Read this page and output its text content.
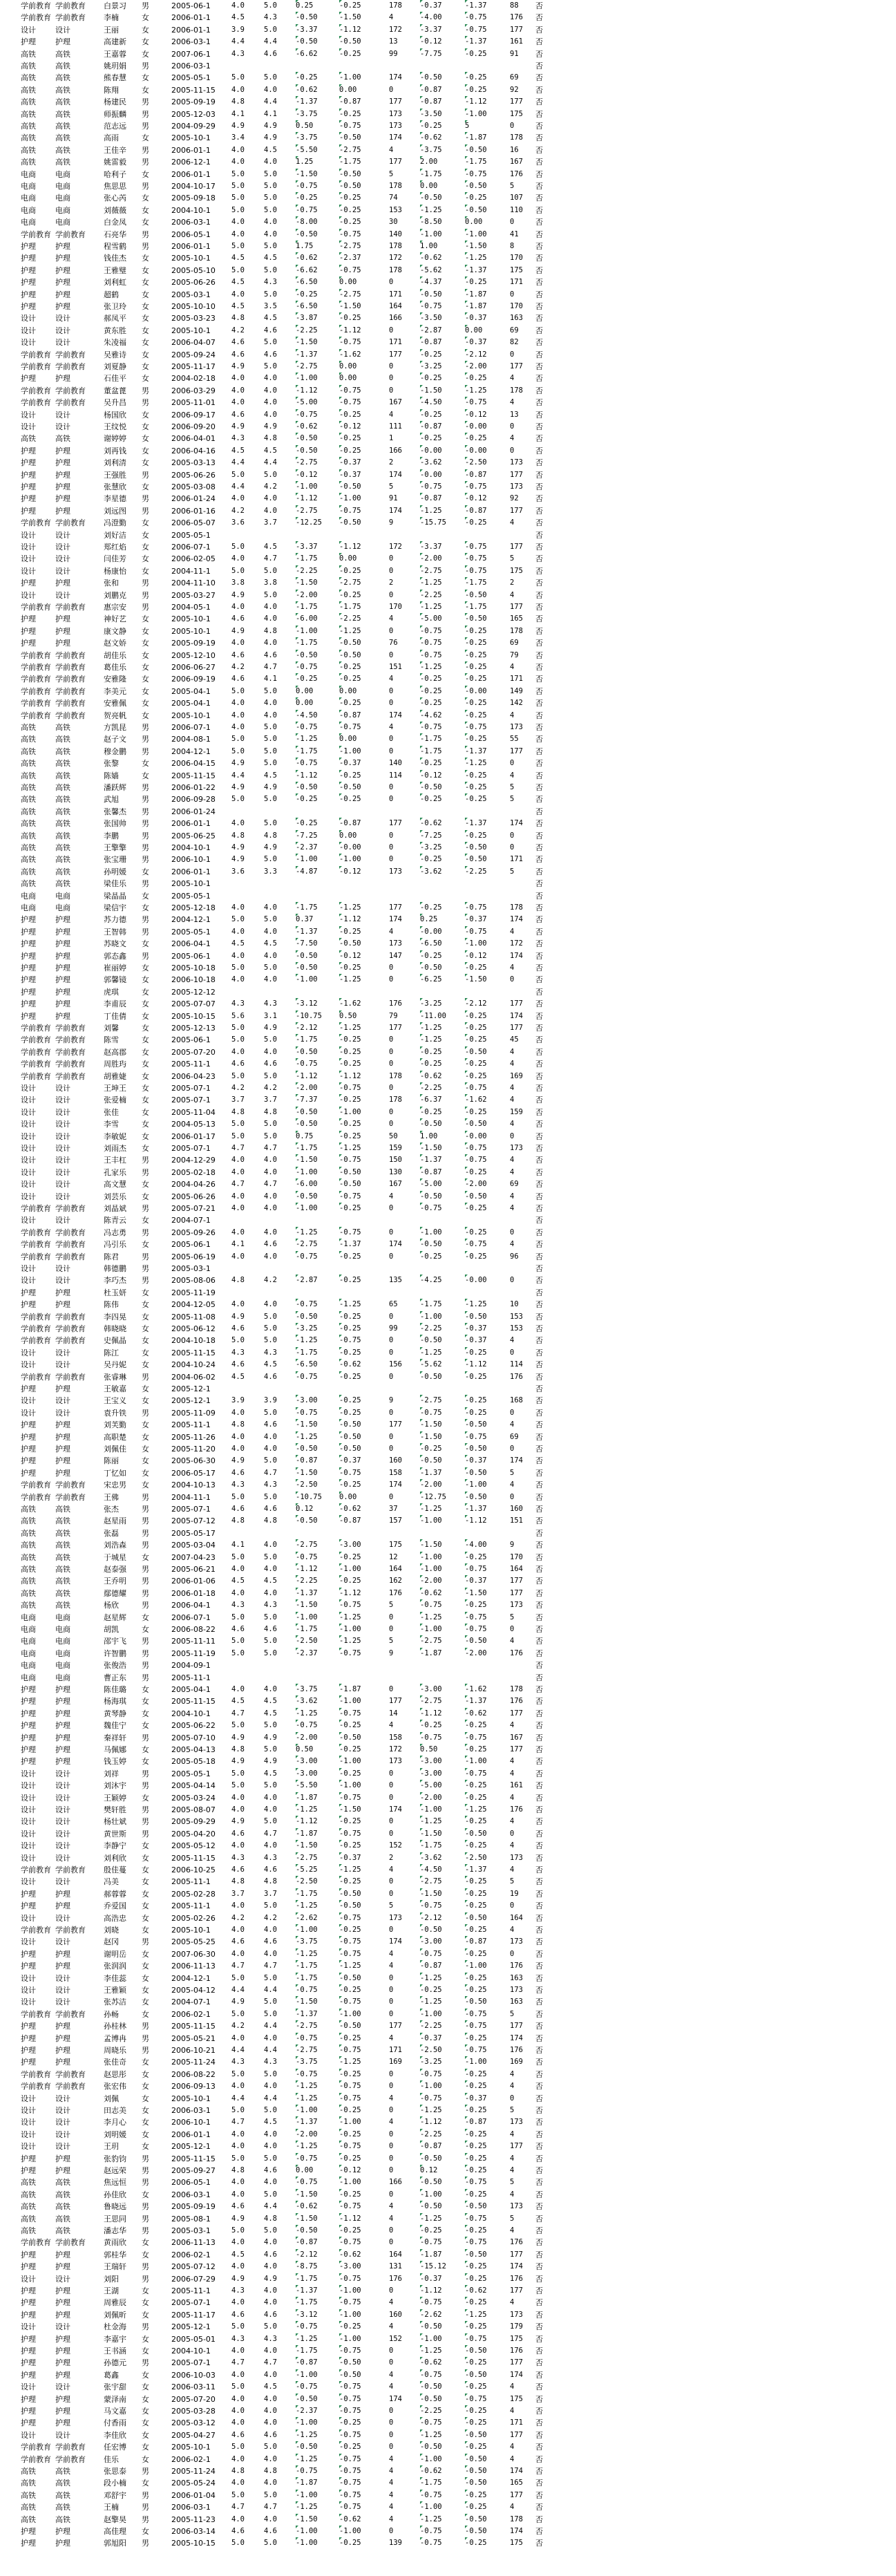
学前教育 学前教育	白景习	男	2005-06-1	4.0	5.0	0.25	-0.25	178	-0.37	-1.37	88	否
学前教育 学前教育	李楠	女	2006-01-1	4.5	4.3	-0.50	-1.50	4	-4.00	-0.75	176	否
设计	设计	王丽	女	2006-01-1	3.9	5.0	-3.37	-1.12	172	-3.37	-0.75	177	否
护理	护理	高建新	女	2006-03-1	4.4	4.4	-0.50	-0.50	13	-0.12	-1.37	161	否
高铁	高铁	王嘉蓉	女	2007-06-1	4.3	4.6	-6.62	-0.25	99	-7.75	-0.25	91	否
高铁	高铁	姚玥娟	男	2006-03-1	否
高铁	高铁	熊春慧	女	2005-05-1	5.0	5.0	-0.25	-1.00	174	-0.50	-0.25	69	否
高铁	高铁	陈翔	女	2005-11-15	4.0	4.0	-0.62	0.00	0	-0.87	-0.25	92	否
高铁	高铁	杨建民	男	2005-09-19	4.8	4.4	-1.37	-0.87	177	-0.87	-1.12	177	否
高铁	高铁	师振麟	男	2005-12-03	4.1	4.1	-3.75	-0.25	173	-3.50	-1.00	175	否
高铁	高铁	范志远	男	2004-09-29	4.9	4.9	0.50	-0.75	173	-0.25	5	0	否
高铁	高铁	高雨	女	2005-10-1	3.4	4.9	-3.75	-0.50	174	-0.62	-1.87	178	否
高铁	高铁	王佳辛	男	2006-01-1	4.0	4.5	-5.50	-2.75	4	-3.75	-0.50	16	否
高铁	高铁	姚雷毅	男	2006-12-1	4.0	4.0	1.25	-1.75	177	2.00	-1.75	167	否
电商	电商	哈利子	女	2006-01-1	5.0	5.0	-1.50	-0.50	5	-1.75	-0.75	176	否
电商	电商	焦思思	男	2004-10-17	5.0	5.0	-0.75	-0.50	178	0.00	-0.50	5	否
电商	电商	张心芮	女	2005-09-18	5.0	5.0	-0.25	-0.25	74	-0.50	-0.25	107	否
电商	电商	刘薇薇	女	2004-10-1	5.0	5.0	-0.75	-0.25	153	-1.25	-0.50	110	否
电商	电商	白金凤	女	2006-03-1	4.0	4.0	-8.00	-0.25	30	-8.50	0.00	0	否
学前教育 学前教育	石亮华	男	2006-05-1	4.0	4.0	-0.50	-0.75	140	-1.00	-1.00	41	否
护理	护理	程雪鹤	男	2006-01-1	5.0	5.0	1.75	-2.75	178	1.00	-1.50	8	否
护理	护理	钱佳杰	女	2005-10-1	4.5	4.5	-0.62	-2.37	172	-0.62	-1.25	170	否
护理	护理	王雅璧	女	2005-05-10	5.0	5.0	-6.62	-0.75	178	-5.62	-1.37	175	否
护理	护理	刘利虹	女	2005-06-26	4.5	4.3	-6.50	0.00	0	-4.37	-0.25	171	否
护理	护理	超鹤	女	2005-03-1	4.0	5.0	-0.25	-2.75	171	-0.50	-1.87	0	否
护理	护理	张卫玲	女	2005-10-10	4.5	3.5	-6.50	-1.50	164	-0.75	-1.87	170	否
设计	设计	郝凤平	女	2005-03-23	4.8	4.5	-3.87	-0.25	166	-3.50	-0.37	163	否
设计	设计	黄东胜	女	2005-10-1	4.2	4.6	-2.25	-1.12	0	-2.87	0.00	69	否
设计	设计	朱凌福	女	2006-04-07	4.6	5.0	-1.50	-0.75	171	-0.87	-0.37	82	否
学前教育 学前教育	吴雅诗	女	2005-09-24	4.6	4.6	-1.37	-1.62	177	-0.25	-2.12	0	否
学前教育 学前教育	刘夏静	女	2005-11-17	4.9	5.0	-2.75	0.00	0	-3.25	-2.00	177	否
护理	护理	石佳平	女	2004-02-18	4.0	4.0	-1.00	0.00	0	-0.25	-0.25	4	否
学前教育 学前教育	董盆蓖	男	2006-03-29	4.0	4.0	-1.12	-0.75	0	-1.50	-1.25	178	否
学前教育 学前教育	吴升昌	男	2005-11-01	4.0	4.0	-5.00	-0.75	167	-4.50	-0.75	4	否
设计	设计	杨国欣	女	2006-09-17	4.6	4.0	-0.75	-0.25	4	-0.25	-0.12	13	否
设计	设计	王纹悦	女	2006-09-20	4.9	4.9	-0.62	-0.12	111	-0.87	-0.00	0	否
高铁	高铁	谢婷婷	女	2006-04-01	4.3	4.8	-0.50	-0.25	1	-0.25	-0.25	4	否
护理	护理	刘再钱	女	2006-04-16	4.5	4.5	-0.50	-0.25	166	-0.00	-0.00	0	否
护理	护理	刘利清	女	2005-03-13	4.4	4.4	-2.75	-0.37	2	-3.62	-2.50	173	否
护理	护理	王强胜	男	2005-06-26	5.0	5.0	-0.12	-0.37	174	-0.00	-0.87	177	否
护理	护理	张慧欣	女	2005-03-08	4.4	4.2	-1.00	-0.50	5	-0.75	-0.75	173	否
护理	护理	李星德	男	2006-01-24	4.0	4.0	-1.12	-1.00	91	-0.87	-0.12	92	否
护理	护理	刘远图	男	2006-01-16	4.2	4.0	-2.75	-0.75	174	-1.25	-0.87	177	否
学前教育 学前教育	冯澄勤	女	2006-05-07	3.6	3.7	-12.25	-0.50	9	-15.75	-0.25	4	否
设计	设计	刘好洁	女	2005-05-1	否
设计	设计	郑红焰	女	2006-07-1	5.0	4.5	-3.37	-1.12	172	-3.37	-0.75	177	否
设计	设计	闫佳芳	女	2006-02-05	4.0	4.7	-1.75	0.00	0	-2.00	-0.75	5	否
设计	设计	杨康怡	女	2004-11-1	5.0	5.0	-2.25	-0.25	0	-2.75	-0.75	175	否
护理	护理	张和	男	2004-11-10	3.8	3.8	-1.50	-2.75	2	-1.25	-1.75	2	否
设计	设计	刘鹏克	男	2005-03-27	4.9	5.0	-2.00	-0.25	0	-2.25	-0.50	4	否
学前教育 学前教育	惠宗安	男	2004-05-1	4.0	4.0	-1.75	-1.75	170	-1.25	-1.75	177	否
护理	护理	神好艺	女	2005-10-1	4.6	4.0	-6.00	-2.25	4	-5.00	-0.50	165	否
护理	护理	康文静	女	2005-10-1	4.9	4.8	-1.00	-1.25	0	-0.75	-0.25	178	否
护理	护理	赵文娇	女	2005-09-19	4.0	4.0	-1.75	-0.50	76	-0.75	-0.25	69	否
学前教育 学前教育	胡佳乐	女	2005-12-10	4.6	4.6	-0.50	-0.50	0	-0.75	-0.25	79	否
学前教育 学前教育	葛佳乐	女	2006-06-27	4.2	4.7	-0.75	-0.25	151	-1.25	-0.25	4	否
学前教育 学前教育	安雅隆	女	2006-09-19	4.6	4.1	-0.25	-0.25	4	-0.25	-0.25	171	否
学前教育 学前教育	李美元	女	2005-04-1	5.0	5.0	0.00	0.00	0	-0.25	-0.00	149	否
学前教育 学前教育	安雅佩	女	2005-04-1	4.0	4.0	0.00	-0.25	0	-0.25	-0.25	142	否
学前教育 学前教育	贺亮帆	女	2005-10-1	4.0	4.0	-4.50	-0.87	174	-4.62	-0.25	4	否
高铁	高铁	方凯昆	男	2006-07-1	4.0	5.0	-0.75	-0.75	4	-0.75	-0.75	173	否
高铁	高铁	赵子文	男	2004-08-1	5.0	5.0	-1.25	0.00	0	-1.75	-0.25	55	否
高铁	高铁	穆金鹏	男	2004-12-1	5.0	5.0	-1.75	-1.00	0	-1.75	-1.37	177	否
高铁	高铁	张黎	女	2006-04-15	4.9	5.0	-0.75	-0.37	140	-0.25	-1.25	0	否
高铁	高铁	陈嫱	女	2005-11-15	4.4	4.5	-1.12	-0.25	114	-0.12	-0.25	4	否
高铁	高铁	潘跃辉	男	2006-01-22	4.9	4.9	-0.50	-0.50	0	-0.50	-0.25	5	否
高铁	高铁	武旭	男	2006-09-28	5.0	5.0	-0.25	-0.25	0	-0.25	-0.25	5	否
高铁	高铁	张馨杰	男	2006-01-24	否
高铁	高铁	张国帅	男	2006-01-1	4.0	5.0	-0.25	-0.87	177	-0.62	-1.37	174	否
高铁	高铁	李鹏	男	2005-06-25	4.8	4.8	-7.25	0.00	0	-7.25	-0.25	0	否
高铁	高铁	王擎擎	男	2004-10-1	4.9	4.9	-2.37	-0.00	0	-3.25	-0.50	0	否
高铁	高铁	张宝珊	男	2006-10-1	4.9	5.0	-1.00	-1.00	0	-0.25	-0.50	171	否
高铁	高铁	孙明媛	女	2006-01-1	3.6	3.3	-4.87	-0.12	173	-3.62	-2.25	5	否
高铁	高铁	梁佳乐	男	2005-10-1	否
电商	电商	梁晶晶	女	2005-05-1	否
电商	电商	梁信宇	女	2005-12-18	4.0	4.0	-1.75	-1.25	177	-0.25	-0.75	178	否
护理	护理	苏力德	男	2004-12-1	5.0	5.0	0.37	-1.12	174	0.25	-0.37	174	否
护理	护理	王智韩	男	2005-05-1	4.0	4.0	-1.37	-0.25	4	-0.00	-0.75	4	否
护理	护理	苏晓文	女	2006-04-1	4.5	4.5	-7.50	-0.50	173	-6.50	-1.00	172	否
护理	护理	郭态鑫	男	2005-06-1	4.0	4.0	-0.50	-0.12	147	-0.25	-0.12	174	否
护理	护理	崔丽婷	女	2005-10-18	5.0	5.0	-0.50	-0.25	0	-0.50	-0.25	4	否
护理	护理	郭馨镜	女	2006-10-18	4.0	4.0	-1.00	-1.25	0	-6.25	-1.50	0	否
护理	护理	虎琪	女	2005-12-12	否
护理	护理	李甫辰	女	2005-07-07	4.3	4.3	-3.12	-1.62	176	-3.25	-2.12	177	否
护理	护理	丁佳倩	女	2005-10-15	5.6	3.1	-10.75	0.50	79	-11.00	-0.25	174	否
学前教育 学前教育	刘馨	女	2005-12-13	5.0	4.9	-2.12	-1.25	177	-1.25	-0.25	177	否
学前教育 学前教育	陈雪	女	2005-06-1	5.0	5.0	-1.75	-0.25	0	-1.25	-0.25	45	否
学前教育 学前教育	赵高郡	女	2005-07-20	4.0	4.0	-0.50	-0.25	0	-0.25	-0.50	4	否
学前教育 学前教育	周胜玙	女	2005-11-1	4.6	4.6	-0.75	-0.25	0	-0.25	-0.25	4	否
学前教育 学前教育	胡雅婕	女	2006-04-23	5.0	5.0	-1.12	-1.12	178	-0.62	-0.25	169	否
设计	设计	王坤王	女	2005-07-1	4.2	4.2	-2.00	-0.75	0	-2.25	-0.75	4	否
设计	设计	张爱楠	女	2005-07-1	3.7	3.7	-7.37	-0.25	178	-6.37	-1.62	4	否
设计	设计	张佳	女	2005-11-04	4.8	4.8	-0.50	-1.00	0	-0.25	-0.25	159	否
设计	设计	李雪	女	2004-05-13	5.0	5.0	-0.50	-0.25	0	-0.50	-0.50	4	否
设计	设计	李敏妮	女	2006-01-17	5.0	5.0	0.75	-0.25	50	1.00	-0.00	0	否
设计	设计	刘雨杰	女	2005-07-1	4.7	4.7	-1.75	-1.25	159	-1.50	-0.75	173	否
设计	设计	王丰杠	男	2004-12-29	4.0	4.0	-1.50	-0.75	150	-1.37	-0.75	4	否
设计	设计	孔家乐	男	2005-02-18	4.0	4.0	-1.00	-0.50	130	-0.87	-0.25	4	否
设计	设计	高文慧	女	2004-04-26	4.7	4.7	-6.00	-0.50	167	-5.00	-2.00	69	否
设计	设计	刘芸乐	女	2005-06-26	4.0	4.0	-0.50	-0.75	4	-0.50	-0.50	4	否
学前教育 学前教育	刘晶斌	男	2005-07-21	4.0	4.0	-1.00	-0.25	0	-0.75	-0.25	4	否
设计	设计	陈青云	女	2004-07-1	否
学前教育 学前教育	冯志勇	男	2005-09-26	4.0	4.0	-1.25	-0.75	0	-1.00	-0.25	0	否
学前教育 学前教育	冯引乐	女	2005-06-1	4.1	4.6	-2.75	-1.37	174	-0.50	-0.75	4	否
学前教育 学前教育	陈君	男	2005-06-19	4.0	4.0	-0.75	-0.25	0	-0.25	-0.25	96	否
设计	设计	韩德鹏	男	2005-03-1	否
设计	设计	李巧杰	男	2005-08-06	4.8	4.2	-2.87	-0.25	135	-4.25	-0.00	0	否
护理	护理	杜玉妍	女	2005-11-19	否
护理	护理	陈伟	女	2004-12-05	4.0	4.0	-0.75	-1.25	65	-1.75	-1.25	10	否
学前教育 学前教育	李四晃	女	2005-11-08	4.9	5.0	-0.50	-0.25	0	-1.00	-0.50	153	否
学前教育 学前教育	韩晓晓	女	2005-06-12	4.6	5.0	-3.25	-0.25	99	-2.25	-0.37	153	否
学前教育 学前教育	史佩晶	女	2004-10-18	5.0	5.0	-1.25	-0.75	0	-0.50	-0.37	4	否
设计	设计	陈江	女	2005-11-15	4.3	4.3	-1.75	-0.25	0	-1.25	-0.25	0	否
设计	设计	吴丹妮	女	2004-10-24	4.6	4.5	-6.50	-0.62	156	-5.62	-1.12	114	否
学前教育 学前教育	张睿琳	男	2004-06-02	4.5	4.6	-0.75	-0.25	0	-0.50	-0.25	176	否
护理	护理	王敏嘉	女	2005-12-1	否
设计	设计	王宝义	女	2005-12-1	3.9	3.9	-3.00	-0.25	9	-2.75	-0.25	168	否
设计	设计	袁升铁	男	2005-11-09	4.0	5.0	-0.75	-0.25	0	-0.75	-0.25	0	否
护理	护理	刘芙勤	女	2005-11-1	4.8	4.6	-1.50	-0.50	177	-1.50	-0.50	4	否
护理	护理	高职楚	女	2005-11-26	4.0	4.0	-1.25	-0.50	0	-1.50	-0.75	69	否
护理	护理	刘佩佳	女	2005-11-20	4.0	4.0	-0.50	-0.50	0	-0.25	-0.50	0	否
护理	护理	陈丽	女	2005-06-30	4.9	5.0	-0.87	-0.37	160	-0.50	-0.37	174	否
护理	护理	丁忆如	女	2006-05-17	4.6	4.7	-1.50	-0.75	158	-1.37	-0.50	5	否
学前教育 学前教育	宋忠男	女	2004-10-13	4.3	4.3	-2.50	-0.25	174	-2.00	-1.00	4	否
学前教育 学前教育	王佛	男	2004-11-1	5.0	5.0	-10.75	0.00	0	-12.75	-0.50	0	否
高铁	高铁	张杰	男	2005-07-1	4.6	4.6	0.12	-0.62	37	-1.25	-1.37	160	否
高铁	高铁	赵星雨	男	2005-07-12	4.8	4.8	-0.50	-0.87	157	-1.00	-1.12	151	否
高铁	高铁	张磊	男	2005-05-17	否
高铁	高铁	刘浩森	男	2005-03-04	4.1	4.0	-2.75	-3.00	175	-1.50	-4.00	9	否
高铁	高铁	于城星	女	2007-04-23	5.0	5.0	-0.75	-0.25	12	-1.00	-0.25	170	否
高铁	高铁	赵泰强	男	2005-06-21	4.0	4.0	-1.12	-1.00	164	-1.00	-0.75	164	否
高铁	高铁	王乔明	男	2006-01-06	4.5	4.5	-2.25	-0.25	162	-2.00	-0.37	177	否
高铁	高铁	鄢德耀	男	2006-01-18	4.0	4.0	-1.37	-1.12	176	-0.62	-1.50	177	否
高铁	高铁	杨欣	男	2006-04-1	4.3	4.3	-1.50	-0.75	5	-0.75	-0.25	173	否
电商	电商	赵星辉	女	2006-07-1	5.0	5.0	-1.00	-1.25	0	-1.25	-0.75	5	否
电商	电商	胡凯	女	2006-08-22	4.6	4.6	-1.75	-1.00	0	-1.00	-0.75	0	否
电商	电商	邵宇飞	男	2005-11-11	5.0	5.0	-2.50	-1.25	5	-2.75	-0.50	4	否
电商	电商	许智鹏	男	2005-11-19	5.0	5.0	-2.37	-0.75	9	-1.87	-2.00	176	否
电商	电商	张俊浩	男	2004-09-1	否
电商	电商	曹正东	男	2005-11-1	否
护理	护理	陈佳璐	女	2005-04-1	4.0	4.0	-3.75	-1.87	0	-3.00	-1.62	178	否
护理	护理	杨海琪	女	2005-11-15	4.5	4.5	-3.62	-1.00	177	-2.75	-1.37	176	否
护理	护理	黄琴静	女	2004-10-1	4.7	4.5	-1.25	-0.75	14	-1.12	-0.62	177	否
护理	护理	魏佳宁	女	2005-06-22	5.0	5.0	-0.75	-0.25	4	-0.25	-0.25	4	否
护理	护理	秦祥轩	男	2005-07-10	4.9	4.9	-2.00	-0.50	158	-0.75	-0.75	167	否
护理	护理	马佩娜	女	2005-04-13	4.8	5.0	0.50	-0.25	172	0.50	-0.25	177	否
护理	护理	钱玉婷	女	2005-05-18	4.9	4.9	-3.00	-1.00	173	-3.00	-1.00	4	否
设计	设计	刘祥	男	2005-05-1	5.0	4.5	-3.00	-0.25	0	-3.00	-0.75	4	否
设计	设计	刘沐宇	男	2005-04-14	5.0	5.0	-5.50	-1.00	0	-5.00	-0.25	161	否
设计	设计	王颖婷	女	2005-03-24	4.0	4.0	-1.87	-0.75	0	-2.00	-0.25	4	否
设计	设计	樊轩胜	男	2005-08-07	4.0	4.0	-1.25	-1.50	174	-1.00	-1.25	176	否
设计	设计	杨壮斌	男	2005-09-29	4.9	5.0	-1.12	-0.25	0	-1.25	-0.25	4	否
设计	设计	黄世斯	男	2005-04-20	4.6	4.7	-1.87	-0.75	0	-1.50	-0.50	0	否
设计	设计	李静宁	女	2005-05-12	4.0	4.0	-1.50	-0.25	152	-1.75	-0.25	4	否
设计	设计	刘利欣	女	2005-11-15	4.3	4.3	-2.75	-0.37	2	-3.62	-2.50	173	否
学前教育 学前教育	殷佳蔓	女	2006-10-25	4.6	4.6	-5.25	-1.25	4	-4.50	-1.37	4	否
设计	设计	冯美	女	2005-11-1	4.8	4.8	-2.50	-0.25	0	-2.75	-0.25	5	否
护理	护理	郝蓉蓉	女	2005-02-28	3.7	3.7	-1.75	-0.50	0	-1.50	-0.25	19	否
护理	护理	乔爱国	女	2005-11-1	4.0	5.0	-1.25	-0.50	5	-0.75	-0.25	0	否
设计	设计	高浩忠	女	2005-02-26	4.2	4.2	-2.62	-0.75	173	-2.12	-0.50	164	否
学前教育 学前教育	刘晓	女	2005-10-1	4.0	4.0	-1.00	-0.25	0	-0.50	-0.25	4	否
设计	设计	赵冈	男	2005-05-25	4.6	4.6	-3.75	-0.75	174	-3.00	-0.87	173	否
护理	护理	谢明岳	女	2007-06-30	4.0	4.0	-1.25	-0.75	4	-0.75	-0.25	0	否
护理	护理	张润润	女	2006-11-13	4.7	4.7	-1.75	-1.25	4	-0.87	-1.00	176	否
设计	设计	李佳蕊	女	2004-12-1	5.0	5.0	-1.75	-0.50	0	-1.25	-0.25	163	否
设计	设计	王雅颖	女	2005-04-12	4.4	4.4	-0.75	-0.25	0	-0.25	-0.25	173	否
设计	设计	张苏洁	女	2004-07-1	4.9	5.0	-1.50	-0.75	0	-1.25	-0.50	163	否
学前教育 学前教育	孙畅	女	2006-02-1	5.0	5.0	-1.37	-1.00	0	-1.00	-0.75	5	否
护理	护理	孙桂林	男	2005-11-15	4.2	4.4	-2.75	-0.50	177	-2.25	-0.75	177	否
护理	护理	孟博冉	男	2005-05-21	4.0	4.0	-0.75	-0.25	4	-0.37	-0.25	174	否
护理	护理	周晓乐	男	2006-10-21	4.4	4.4	-2.75	-0.75	171	-2.50	-0.75	176	否
护理	护理	张佳奇	女	2005-11-24	4.3	4.3	-3.75	-1.25	169	-3.25	-1.00	169	否
学前教育 学前教育	赵思彤	女	2006-08-22	5.0	5.0	-0.75	-0.25	0	-0.75	-0.25	4	否
学前教育 学前教育	张宏伟	女	2006-09-13	4.0	4.0	-1.25	-0.75	0	-1.00	-0.25	4	否
设计	设计	刘佩	女	2005-10-1	4.4	4.4	-1.25	-0.75	4	-0.75	-0.37	0	否
设计	设计	田志美	女	2006-03-1	5.0	5.0	-1.00	-0.25	0	-1.25	-0.25	5	否
设计	设计	李月心	女	2006-10-1	4.7	4.5	-1.37	-1.00	4	-1.12	-0.87	173	否
设计	设计	刘明媛	女	2006-01-1	4.0	4.0	-2.00	-0.25	0	-2.25	-0.25	4	否
设计	设计	王玥	女	2005-12-1	4.0	4.0	-1.25	-0.75	0	-0.87	-0.25	177	否
护理	护理	张豹钧	男	2005-11-15	5.0	5.0	-0.75	-0.25	0	-0.50	-0.25	4	否
护理	护理	赵远荣	男	2005-09-27	4.8	4.6	0.00	-0.12	0	0.12	-0.25	4	否
高铁	高铁	焦远恒	男	2006-05-1	4.0	4.0	-0.75	-1.00	166	-0.50	-0.75	5	否
高铁	高铁	孙佳欣	女	2006-03-1	4.0	5.0	-1.50	-0.25	0	-1.00	-0.25	4	否
高铁	高铁	鲁晓远	男	2005-09-19	4.6	4.4	-0.62	-0.75	4	-0.50	-0.50	173	否
高铁	高铁	王思同	男	2005-08-1	4.9	4.8	-1.50	-1.12	4	-1.25	-0.75	5	否
高铁	高铁	潘志华	男	2005-03-1	5.0	5.0	-0.50	-0.25	0	-0.25	-0.25	4	否
学前教育 学前教育	黄雨欣	女	2006-11-13	4.0	4.0	-0.87	-0.75	0	-0.75	-0.75	176	否
护理	护理	郭桂华	女	2006-02-1	4.5	4.6	-2.12	-0.62	164	-1.87	-0.50	177	否
护理	护理	王瑞轩	男	2005-07-12	4.0	4.0	-8.75	-3.00	131	-15.12	-0.25	174	否
设计	设计	刘阳	男	2006-07-29	4.9	4.9	-1.75	-0.75	176	-0.37	-0.25	176	否
护理	护理	王湖	女	2005-11-1	4.3	4.0	-1.37	-1.00	0	-1.12	-0.62	177	否
护理	护理	周雅辰	女	2005-07-1	4.0	4.0	-1.75	-0.75	4	-0.75	-0.25	4	否
护理	护理	刘佩昕	女	2005-11-17	4.6	4.6	-3.12	-1.00	160	-2.62	-1.25	173	否
设计	设计	杜金海	男	2005-12-1	5.0	5.0	-0.75	-0.25	4	-0.50	-0.25	179	否
护理	护理	李嘉宇	女	2005-05-01	4.3	4.3	-1.25	-1.00	152	-1.00	-0.75	175	否
护理	护理	王书涵	女	2004-10-1	4.0	4.0	-1.75	-0.75	0	-1.25	-0.50	176	否
护理	护理	孙德元	男	2005-07-1	4.7	4.7	-0.87	-0.50	0	-0.62	-0.25	177	否
护理	护理	葛鑫	女	2006-10-03	4.0	4.0	-1.00	-0.50	4	-0.75	-0.50	174	否
设计	设计	张宇甜	女	2006-03-11	5.0	4.5	-0.75	-0.75	4	-0.50	-0.25	4	否
护理	护理	蒙泽南	女	2005-07-20	4.0	4.0	-0.50	-0.75	174	-0.50	-0.75	175	否
护理	护理	马文嘉	女	2005-03-28	4.0	4.0	-2.37	-0.75	0	-2.25	-0.25	4	否
护理	护理	付香雨	女	2005-03-12	4.0	4.0	-1.00	-0.25	0	-0.75	-0.25	171	否
设计	设计	李佳欣	女	2005-04-27	4.6	4.6	-1.25	-0.75	0	-1.25	-0.50	177	否
学前教育 学前教育	任宏博	女	2005-10-1	5.0	5.0	-0.50	-0.25	0	-0.50	-0.25	4	否
学前教育 学前教育	佳乐	女	2006-02-1	4.0	4.0	-1.25	-0.75	4	-1.00	-0.50	4	否
高铁	高铁	张思泰	男	2005-11-24	4.8	4.8	-0.75	-0.75	4	-0.62	-0.50	174	否
高铁	高铁	段小楠	女	2005-05-24	4.0	4.0	-1.87	-0.75	4	-1.75	-0.50	165	否
高铁	高铁	邓舒宇	男	2006-01-04	5.0	5.0	-1.00	-0.75	4	-0.75	-0.25	177	否
高铁	高铁	王楠	男	2006-03-1	4.7	4.7	-1.25	-0.75	4	-1.00	-0.25	4	否
高铁	高铁	赵擎昊	男	2005-11-23	4.0	4.0	-1.50	-0.62	4	-1.25	-0.50	178	否
护理	护理	高佳理	女	2006-03-14	4.6	4.6	-1.00	-1.00	0	-0.75	-0.50	174	否
护理	护理	郭旭阳	男	2005-10-15	5.0	5.0	-1.00	-0.25	139	-0.75	-0.25	175	否
